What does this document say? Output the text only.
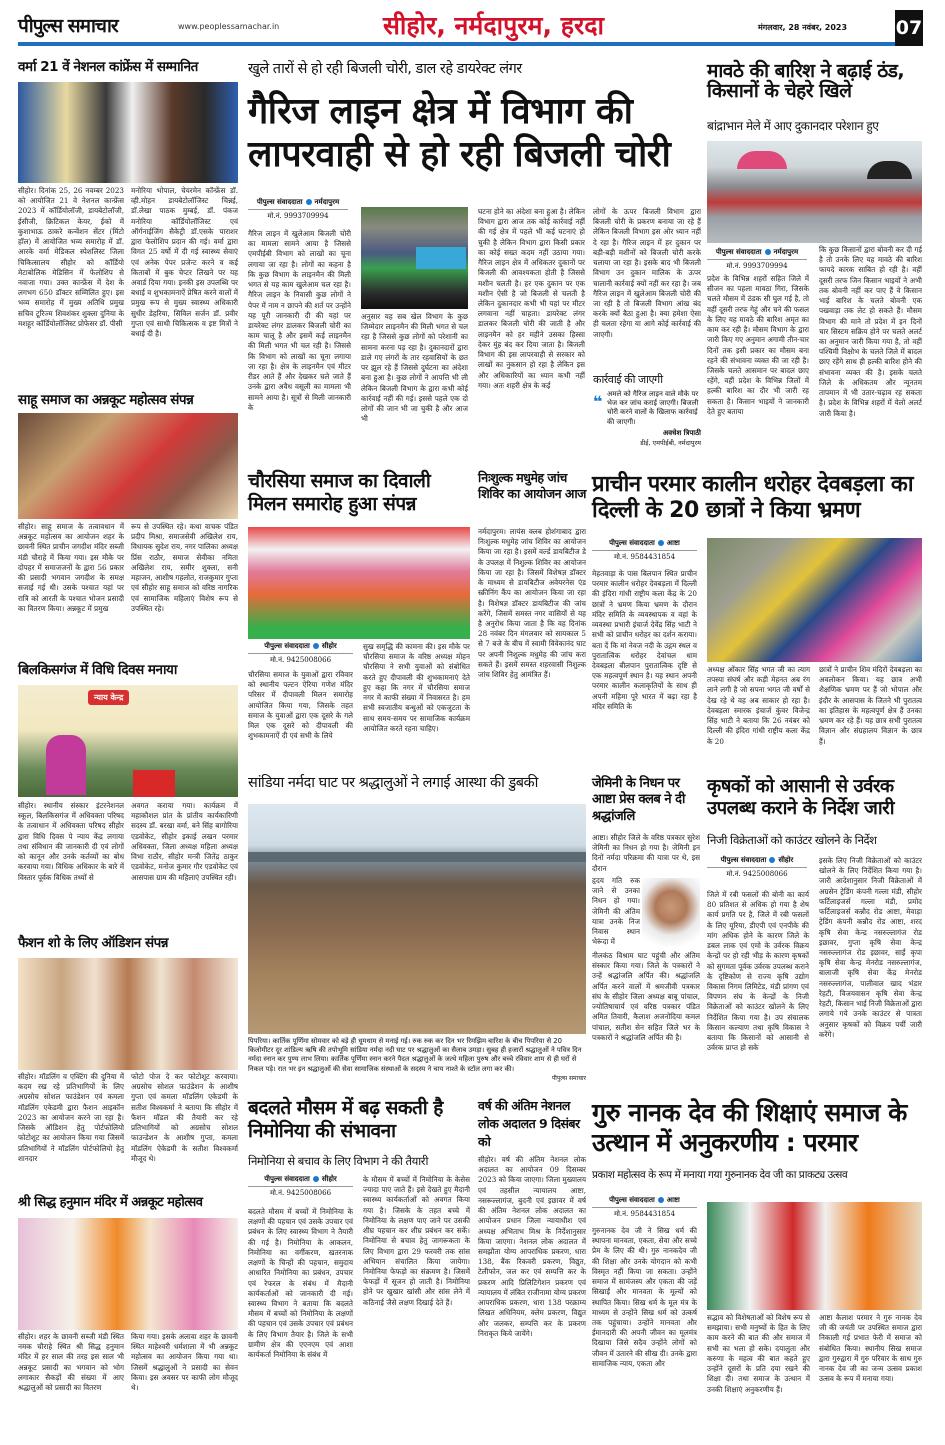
पीपुल्स समाचार	www.peoplessamachar.in	सीहोर, नर्मदापुरम, हरदा	मंगलवार, 28 नवंबर, 2023	07
वर्मा 21 वें नेशनल कांफ्रेंस में सम्मानित
सीहोर। दिनांक 25, 26 नवम्बर 2023 को आयोजित 21 वे नेशनल कान्फ्रेंस 2023 में कॉर्डियोलॉजी, डायबेटोलॉजी, ईसीजी, क्रिटिकल केयर, ईको में कुशाभाऊ ठाकरे कन्वेंशन सेंटर (मिंटो हॉल) में आयोजित भव्य समारोह में डॉ. आरके वर्मा मेडिकल स्पेशलिस्ट जिला चिकित्सालय सीहोर को कॉर्डियो मेटाबोलिक मेडिसिन में फेलोशिप से नवाजा गया। उक्त कान्फ्रेंस में देश के लगभग 650 डॉक्टर सम्मिलित हुए। इस भव्य समारोह में मुख्य अतिथि प्रमुख सचिव टूरिज्म शिवशंकर शुक्ला दुनिया के मशहूर कॉर्डियोलॉजिस्ट प्रोफेसर डॉ. पीसी
मनोरिया भोपाल, चेयरमेन कॉन्फ्रेंस डॉ. व्ही.मोहन डायबेटोलॉजिस्ट चिन्नई, डॉ.लेखा पाठक मुम्बई, डॉ. पंकज मनोरिया कॉर्डियोलॉजिस्ट एवं ऑर्गनाईजिंग सैकेट्री डॉ.एसके पाराशर द्वारा फेलोशिप प्रदान की गई। वर्मा द्वारा विगत 25 वर्षो में दी गई स्वास्थ्य सेवाएं एवं अनेक पेपर प्रजेन्ट करने व कई किताबों में बुक चेप्टर लिखने पर यह अवार्ड दिया गया। इनकी इस उपलब्धि पर बधाई व शुभकामनाऐं प्रेषित करने वालों में प्रमुख रूप से मुख्य स्वास्थ्य अधिकारी सुधीर डेहरिया, सिविल सर्जन डॉ. प्रवीर गुप्ता एवं साथी चिकित्सक व इष्ट मित्रों ने बधाई दी है।
साहू समाज का अन्नकूट महोत्सव संपन्न
सीहोर। साहू समाज के तत्वावधान में अन्नकूट महोत्सव का आयोजन शहर के छावनी स्थित प्राचीन जगदीश मंदिर सब्जी मंडी चौराहे में किया गया। इस मौके पर दोपहर में समाजजनों के द्वारा 56 प्रकार की प्रसादी भगवान जगदीश के समक्ष सजाई गई थी। उसके पश्चात यहां पर रात्रि को आरती के पश्चात भोजन प्रसादी का वितरण किया। अन्नकूट में प्रमुख
रूप से उपस्थित रहे। कथा वाचक पंडित प्रदीप मिश्रा, समाजसेवी अखिलेश राय, विधायक सुदेश राय, नगर पालिका अध्यक्ष प्रिंस राठौर, समाज सेवीका नमिता अखिलेश राय, समीर शुक्ला, सनी महाजन, आशीष गहलोत, राजकुमार गुप्ता एवं सीहोर साहू समाज को वरिष्ठ नागरिक एवं सामाजिक महिलाएं विशेष रूप से उपस्थित रहे।
बिलकिसगंज में विधि दिवस मनाया
न्याय केन्द्र
सीहोर। स्थानीय संस्कार इंटरनेशनल स्कूल, बिलकिसगंज में अधिवक्ता परिषद के तत्वाधान में अधिवक्ता परिषद सीहोर द्वारा विधि दिवस पे न्याय केंद्र लगाया तथा संविधान की जानकारी दी एवं लोगों को कानून और उनके कर्तव्यों का बोध करवाया गया। विधिक अधिकार के बारे में विस्तार पूर्वक विधिक तथ्यों से
अवगत कराया गया। कार्यक्रम में महाकौशल प्रांत के प्रांतीय कार्यकारिणी सदस्य डॉ. बरखा वर्मा, बने सिंह बागोरिया एडवोकेट, सीहोर इकाई लखन परमार अधिवक्ता, जिला अध्यक्ष महिला अध्यक्ष विभा राठौर, सीहोर मन्त्री जितेंद्र ठाकुर एडवोकेट, मनोज कुमार गौर एडवोकेट एवं आसपास ग्राम की महिलाएं उपस्थित रही।
फैशन शो के लिए ऑडिशन संपन्न
सीहोर। मॉडलिंग व एक्टिंग की दुनिया में कदम रख रहे प्रतिभागियों के लिए अग्रसोच सोशल फाउंडेशन एवं कमला मॉडलिंग एकेडमी द्वारा फैशन आइकॉन 2023 का आयोजन करने जा रहा है। जिसके ऑडिशन हेतु पोर्टफोलियो फोटोशूट का आयोजन किया गया जिसमें प्रतिभागियों ने मॉडलिंग पोर्टफोलियो हेतु शानदार
फोटो पोज दे कर फोटोशूट करवाया। अग्रसोच सोशल फाउंडेशन के आशीष गुप्ता एवं कमला मॉडलिंग एकेडमी के सतीश विश्वकर्मा ने बताया कि सीहोर में फैशन मॉडल की तैयारी कर रहे प्रतिभागियों को अग्रसोच सोशल फाउन्डेशन के आशीष गुप्ता, कमला मॉडलिंग ऐकेडमी के सतीश विश्वकर्मा मौजूद थे।
श्री सिद्ध हनुमान मंदिर में अन्नकूट महोत्सव
सीहोर। शहर के छावनी सब्जी मंडी स्थित नमक चौराहे स्थित श्री सिद्ध हनुमान मंदिर में हर साल की तरह इस साल भी अन्नकूट प्रसादी का भगवान को भोग लगाकार सैकड़ों की संख्या में आए श्रद्धालुओं को प्रसादी का वितरण
किया गया। इसके अलावा शहर के छावनी स्थित माहेश्वरी धर्मशाला में भी अन्नकूट महोत्सव का आयोजन किया गया था। जिसमें श्रद्धालुओं ने प्रसादी का सेवन किया। इस अवसर पर काफी लोग मौजूद थे।
खुले तारों से हो रही बिजली चोरी, डाल रहे डायरेक्ट लंगर
गैरिज लाइन क्षेत्र में विभाग की लापरवाही से हो रही बिजली चोरी
पीपुल्स संवाददाता नर्मदापुरम
मो.नं. 9993709994
गैरिज लाइन में खुलेआम बिजली चोरी का मामला सामने आया है जिससे एमपीईबी विभाग को लाखों का चूना लगाया जा रहा है। लोगों का कहना है कि कुछ विभाग के लाइनमैन की मिली भगत से यह काम खुलेआम चल रहा है। गैरिज लाइन के निवासी कुछ लोगों ने पेपर में नाम न छापने की शर्त पर उन्होंने यह पूरी जानकारी दी की यहां पर डायरेक्ट लंगर डालकर बिजली चोरी का काम चालू है और इसमें कई लाइनमैन की मिली भगत भी चल रही है। जिससे कि विभाग को लाखों का चूना लगाया जा रहा है। क्षेत्र के लाइनमैन एवं मीटर रीडर आते हैं और देखकर चले जाते हैं उनके द्वारा अवैध वसूली का मामला भी सामने आया है। सूत्रों से मिली जानकारी के
अनुसार यह सब खेल विभाग के कुछ जिम्मेदार लाइनमैन की मिली भगत से चल रहा है जिससे कुछ लोगों को परेशानी का सामना करना पड़ रहा है। दुकानदारों द्वारा डाले गए लंगरों के तार रहवासियों के छत पर झूल रहे हैं जिससे दुर्घटना का अंदेशा बना हुआ है। कुछ लोगों ने आपत्ति भी ली लेकिन बिजली विभाग के द्वारा कभी कोई कार्रवाई नहीं की गई। इससे पहले एक दो लोगों की जान भी जा चुकी है और आज भी
घटना होने का अंदेशा बना हुआ है। लेकिन विभाग द्वारा आज तक कोई कार्रवाई नहीं की गई क्षेत्र में पहले भी कई घटनाएं हो चुकी है लेकिन विभाग द्वारा किसी प्रकार का कोई सख्त कदम नहीं उठाया गया। गैरिज लाइन क्षेत्र में अधिकतर दुकानों पर बिजली की आवश्यकता होती है जिससे मशीन चलती है। हर एक दुकान पर एक मशीन ऐसी है जो बिजली से चलती है लेकिन दुकानदार कभी भी यहां पर मीटर लगवाना नहीं चाहता। डायरेक्ट लंगर डालकर बिजली चोरी की जाती है और लाइनमैन को हर महीने उसका हिस्सा देकर मुंह बंद कर दिया जाता है। बिजली विभाग की इस लापरवाही से सरकार को लाखों का नुकसान हो रहा है लेकिन इस और अधिकारियों का ध्यान कभी नहीं गया। अतः शहरी क्षेत्र के कई
लोगों के ऊपर बिजली विभाग द्वारा बिजली चोरी के प्रकरण बनाया जा रहे हैं लेकिन बिजली विभाग इस ओर ध्यान नहीं दे रहा है। गैरिज लाइन में हर दुकान पर बड़ी-बड़ी मशीनों को बिजली चोरी करके चलाया जा रहा है। इसके बाद भी बिजली विभाग उन दुकान मालिक के ऊपर चालानी कार्रवाई क्यों नहीं कर रहा है। जब गैरिज लाइन में खुलेआम बिजली चोरी की जा रही है तो बिजली विभाग आंख बंद करके क्यों बैठा हुआ है। क्या हमेशा ऐसा ही चलता रहेगा या आगे कोई कार्रवाई की जाएगी।
कार्रवाई की जाएगी
❝ अमले को गैरिज लाइन वाले मौके पर भेज कर जांच कराई जाएगी। बिजली चोरी करने वालों के खिलाफ कार्रवाई की जाएगी।
अवधेश त्रिपाठी
डीई, एमपीईबी, नर्मदापुरम
मावठे की बारिश ने बढ़ाई ठंड, किसानों के चेहरे खिले
बांद्राभान मेले में आए दुकानदार परेशान हुए
पीपुल्स संवाददाता नर्मदापुरम
मो.नं. 9993709994
प्रदेश के विभिन्न शहरों सहित जिले में सीजन का पहला मावठा गिरा, जिसके चलते मौसम में ठंडक सी घुल गई है, तो वहीं दूसरी तरफ गेहूं और चने की फसल के लिए यह मावठे की बारिश अमृत का काम कर रही है। मौसम विभाग के द्वारा जारी किए गए अनुमान अगामी तीन-चार दिनों तक इसी प्रकार का मौसम बना रहने की संभावना व्यक्त की जा रही है। जिसके चलते आसमान पर बादल छाए रहेंगे, वहीं प्रदेश के विभिन्न जिलों में हल्की बारिश का दौर भी जारी रह सकता है। किसान भाइयों ने जानकारी देते हुए बताया
कि कुछ किसानों द्वारा बोवनी कर दी गई है तो उनके लिए यह मावठे की बारिश फायदे कारक साबित हो रही है। वहीं दूसरी तरफ जिन किसान भाइयों ने अभी तक बोवनी नहीं कर पाए हैं वे किसान भाई बारिश के चलते बोवनी एक पखवाड़ा तक लेट हो सकते हैं। मौसम विभाग की माने तो प्रदेश में इन दिनों चार सिस्टम सक्रिय होने पर चलते अलर्ट का अनुमान जारी किया गया है, तो वहीं पश्चिमी विक्षोभ के चलते जिले में बादल छाए रहेंगे साथ ही हल्की बारिश होने की संभावना व्यक्त की है। इसके चलते जिले के अधिकतम और न्यूनतम तापमान में भी उतार-चढ़ाव रह सकता है। प्रदेश के विभिन्न शहरों में येलो अलर्ट जारी किया है।
चौरसिया समाज का दिवाली मिलन समारोह हुआ संपन्न
पीपुल्स संवाददाता सीहोर
मो.नं. 9425008066
चौरसिया समाज के युवाओं द्वारा रविवार को स्थानीय पल्टन ऐरिया गणेश मंदिर परिसर में दीपावली मिलन समारोह आयोजित किया गया, जिसके तहत समाज के युवाओं द्वारा एक दूसरे के गले मिल एक दूसरे को दीपावली की शुभकामनाऐं दी एवं सभी के लिये
सुख समृद्धि की कामना की। इस मौके पर चौरसिया समाज के वरिष्ठ अध्यक्ष मोहन चौरसिया ने सभी युवाओं को संबोधित करते हुए दीपावली की शुभकामनाएं देते हुए कहा कि नगर में चौरसिया समाज नगर में काफी संख्या में निवासरत है। हम सभी स्वजातीय बन्धुओं को एकजुटता के साथ समय-समय पर सामाजिक कार्यक्रम आयोजित करते रहना चाहिए।
निःशुल्क मधुमेह जांच शिविर का आयोजन आज
नर्मदापुरम। लायंस क्लब होशंगाबाद द्वारा निःशुल्क मधुमेह जांच शिविर का आयोजन किया जा रहा है। इसमें वर्ल्ड डायबिटीज डे के उपलक्ष में निशुल्क शिविर का आयोजन किया जा रहा है। जिसमें विशेषज्ञ डॉक्टर के माध्यम से डायबिटीज अवेयरनेस एंड स्क्रीनिंग कैंप का आयोजन किया जा रहा है। विशेषज्ञ डॉक्टर डायबिटीज की जांच करेंगे, जिसमें समस्त नगर वासियों से यह है अनुरोध किया जाता है कि वह दिनांक 28 नवंबर दिन मंगलवार को सायकाल 5 से 7 बजे के बीच में स्वामी विवेकानंद घाट पर अपनी निशुल्क मधुमेह की जांच करा सकते हैं। इसमें समस्त शहरवासी निशुल्क जांच शिविर हेतु आमंत्रित हैं।
प्राचीन परमार कालीन धरोहर देवबड़ला का दिल्ली के 20 छात्रों ने किया भ्रमण
पीपुल्स संवाददाता आष्टा
मो.नं. 9584431854
मेहतवाड़ा के पास बिलपान स्थित प्राचीन परमार कालीन धरोहर देवबड़ला में दिल्ली की इंदिरा गांधी राष्ट्रीय कला केंद्र के 20 छात्रों ने भ्रमण किया भ्रमण के दौरान मंदिर समिति के व्यवस्थापक व वहां के व्यवस्था प्रभारी इंचार्ज देवेंद्र सिंह भाटी ने सभी को प्राचीन धरोहर का दर्शन कराया। बता दें कि मां नेवज नदी के उद्गम स्थल व पुरातात्विक धरोहर देवांचल धाम देवबड़ला बीलपान पुरातात्विक दृष्टि से एक महत्वपूर्ण स्थान है। यह स्थान अपनी परमार कालीन कलाकृतियों के साथ ही अपनी महिमा पूरे भारत में बढ़ा रहा है मंदिर समिति के
अध्यक्ष ओंकार सिंह भगत जी का त्याग तपस्या संघर्ष और कड़ी मेहनत अब रंग लाने लगी है जो सपना भगत जी वर्षों से देख रहे थे वह अब साकार हो रहा है। देवबड़ला स्मारक इंचार्ज कुंवर विजेन्द्र सिंह भाटी ने बताया कि 26 नवंबर को दिल्ली की इंदिरा गांधी राष्ट्रीय कला केंद्र के 20
छात्रों ने प्राचीन शिव मंदिरों देवबड़ला का अवलोकन किया। यह छात्र अभी शैक्षणिक भ्रमण पर हैं जो भोपाल और इंदौर के आसपास के जितने भी पुरातत्व का इतिहास के महत्वपूर्ण क्षेत्र हैं उनका भ्रमण कर रहे हैं। यह छात्र सभी पुरातत्व विज्ञान और संग्रहालय विज्ञान के छात्र हैं।
सांडिया नर्मदा घाट पर श्रद्धालुओं ने लगाई आस्था की डुबकी
पिपरिया। कार्तिक पूर्णिमा सोमवार को बड़े ही धूमधाम से मनाई गई। रुक रुक कर दिन भर रिमझिम बारिश के बीच पिपरिया से 20 किलोमीटर दूर शांडिल्य ऋषि की तपोभूमि सांडिया नर्मदा नदी घाट पर श्रद्धालुओं का सैलाब उमड़ा। सुबह ही हजारों श्रद्धालुओं ने पवित्र दिन नर्मदा स्नान कर पुण्य लाभ लिया। कार्तिक पूर्णिमा स्नान करने पैदल श्रद्धालुओं के जत्थे महिला पुरुष और बच्चे रविवार शाम से ही घरों से निकल पड़े। रात भर इन श्रद्धालुओं की सेवा सामाजिक संस्थाओं के सदस्य ने चाय नाश्ते के स्टॉल लगा कर की।
पीपुल्स समाचार
जेमिनी के निधन पर आष्टा प्रेस क्लब ने दी श्रद्धांजलि
आष्टा। सीहोर जिले के वरिष्ठ पत्रकार सुरेश जेमिनी का निधन हो गया है। जेमिनी इन दिनों नर्मदा परिक्रमा की यात्रा पर थे, इस दौरान
हृदय गति रुक जाने से उनका निधन हो गया। जेमिनी की अंतिम यात्रा उनके निज निवास स्थान भेरूंदा में
नीलकंठ विश्राम घाट पहुंची और अंतिम संस्कार किया गया। जिले के पत्रकारों ने उन्हें श्रद्धांजलि अर्पित की। श्रद्धांजलि अर्पित करने वालों में श्रमजीवी पत्रकार संघ के सीहोर जिला अध्यक्ष बाबू पांचाल, ज्योतिषाचार्य एवं वरिष्ठ पत्रकार पंडित अमित तिवारी, कैलाश अजनोदिया कमल पांचाल, सतीश सेन सहित जिले भर के पत्रकारों ने श्रद्धांजलि अर्पित की है।
कृषकों को आसानी से उर्वरक उपलब्ध कराने के निर्देश जारी
निजी विक्रेताओं को काउंटर खोलने के निर्देश
पीपुल्स संवाददाता सीहोर
मो.नं. 9425008066
जिले में रबी फसलों की बोनी का कार्य 80 प्रतिशत से अधिक हो गया है शेष कार्य प्रगति पर है, जिले में रबी फसलों के लिए यूरिया, डीएपी एवं एनपीके की मांग अधिक होने के कारण जिले के डबल लाक एवं एमो के उर्वरक विक्रय केन्द्रों पर हो रही भीड़ के कारण कृषकों को सुगमता पूर्वक उर्वरक उपलब्ध कराने के दृष्टिकोण से राज्य कृषि उद्योग विकास निगम लिमिटेड, मंडी प्रांगण एवं विपणन संघ के केन्द्रों के निजी विक्रेताओं को काउंटर खोलने के लिए निर्देशित किया गया है। उप संचालक किसान कल्याण तथा कृषि विकास ने बताया कि किसानों को आसानी से उर्वरक प्राप्त हो सके
इसके लिए निजी विक्रेताओं को काउंटर खोलने के लिए निर्देशित किया गया है। जारी आदेशानुसार निजी विक्रेताओं में अग्रसेन ट्रेडिंग कंपनी गल्ला मंडी, सीहोर फर्टिलाइजर्स गल्ला मंडी, प्रमोद फर्टिलाइजर्स कन्नौद रोड आष्टा, मेवाड़ा ट्रेडिंग कंपनी कन्नौद रोड आष्टा, शरद कृषि सेवा केन्द्र नसरुल्लागंज रोड इछावर, गुप्ता कृषि सेवा केन्द्र नसरुल्लागंज रोड इछावर, साईं कृपा कृषि सेवा केन्द्र मेनरोड नसरुल्लागंज, बालाजी कृषि सेवा केंद्र मेनरोड नसरुल्लागंज, पालीवाल खाद भंडार रेहटी, विजयवासन कृषि सेवा केन्द्र रेहटी, किसान भाई निजी विक्रेताओं द्वारा लगाये गये उनके काउंटर से पात्रता अनुसार कृषकों को विक्रय पर्ची जारी करेंगे।
बदलते मौसम में बढ़ सकती है निमोनिया की संभावना
निमोनिया से बचाव के लिए विभाग ने की तैयारी
पीपुल्स संवाददाता सीहोर
मो.नं. 9425008066
बदलते मौसम में बच्चों में निमोनिया के लक्षणों की पहचान एवं उसके उपचार एवं प्रबंधन के लिए स्वास्थ्य विभाग ने तैयारी की गई है। निमोनिया के आकलन, निमोनिया का वर्गीकरण, खतरनाक लक्षणों के चिन्हों की पहचान, समुदाय आधारित निमोनिया का प्रबंधन, उपचार एवं रेफरल के संबंध में मैदानी कार्यकर्ताओं को जानकारी दी गई। स्वास्थ्य विभाग ने बताया कि बदलते मौसम में बच्चों को निमोनिया के लक्षणों की पहचान एवं उसके उपचार एवं प्रबंधन के लिए विभाग तैयार है। जिले के सभी ग्रामीण क्षेत्र की एएनएम एवं आशा कार्यकर्ता निमोनिया के संबंध में
के मौसम में बच्चों में निमोनिया के केसेस ज्यादा पाए जाते हैं। इसे देखते हुए मैदानी स्वास्थ्य कार्यकर्ताओं को अवगत किया गया है। जिसके के तहत बच्चे में निमोनिया के लक्षण पाए जाने पर उसकी शीघ्र पहचान कर शीघ्र प्रबंधन कर सकें। निमोनिया से बचाव हेतु जागरूकता के लिए विभाग द्वारा 29 फरवरी तक सांस अभियान संचालित किया जायेगा। निमोनिया फेफड़ो का संक्रमण है। जिसमें फेफड़ों में सूजन हो जाती है। निमोनिया होने पर खुखार खांसी और सांस लेने में कठिनाई जैसे लक्षण दिखाई देते हैं।
वर्ष की अंतिम नेशनल लोक अदालत 9 दिसंबर को
सीहोर। वर्ष की अंतिम नेशनल लोक अदालत का आयोजन 09 दिसम्बर 2023 को किया जाएगा। जिला मुख्यालय एवं तहसील न्यायालय आष्टा, नसरूल्लागंज, बुदनी एवं इछावर में वर्ष की अंतिम नेशनल लोक अदालत का आयोजन प्रधान जिला न्यायाधीश एवं अध्यक्ष अभिताभ मिश्र के निर्देशानुसार किया जाएगा। नेशनल लोक अदालत में समझौता योग्य आपराधिक प्रकरण, धारा 138, बैंक रिकवरी प्रकरण, विद्युत, टेलीफोन, जल कर एवं सम्पत्ति कर के प्रकरण आदि प्रिलिटिगेशन प्रकरण एवं न्यायालय में लंबित राजीनामा योग्य प्रकरण आपराधिक प्रकरण, धारा 138 परक्राम्य लिखत अधिनियम, क्लेम प्रकरण, विद्युत और जलकर, सम्पत्ति कर के प्रकरण निराकृत किये जायेंगे।
गुरु नानक देव की शिक्षाएं समाज के उत्थान में अनुकरणीय : परमार
प्रकाश महोत्सव के रूप में मनाया गया गुरुनानक देव जी का प्राकट्य उत्सव
पीपुल्स संवाददाता आष्टा
मो.नं. 9584431854
गुरुनानक देव जी ने सिख धर्म की स्थापना मानवता, एकता, सेवा और सच्चे प्रेम के लिए की थी। गुरु नानकदेव जी की शिक्षा और उनके योगदान को कभी विस्मृत नहीं किया जा सकता। उन्होंने समाज में सामंजस्य और एकता की जड़ें सिखाईं और मानवता के मूल्यों को स्थापित किया। सिख धर्म के मूल मंत्र के माध्यम से उन्होंने सिख धर्म को उत्कर्ष तक पहुंचाया। उन्होंने मानवता और ईमानदारी की अपनी जीवन का मूलमंत्र दिखाया जिसे सदैव उन्होंने लोगों को जीवन में उतारने की सीख दी। उनके द्वारा सामाजिक न्याय, एकता और
सद्भाव को विशेषताओं को विशेष रूप से समझाया। सभी मनुष्यों के हित के लिए काम करने की बात की और समाज में सभी का भला हो सके। दयालुता और करुणा के महत्व की बात कहते हुए उन्होंने दूसरों के प्रति दया रखने की शिक्षा दी। तथा समाज के उत्थान में उनकी शिक्षाएं अनुकरणीय हैं।
आष्टा कैलाश परमार ने गुरु नानक देव जी की जयंती पर उपस्थित समाज द्वारा निकाली गई प्रभात फेरी में समाज को संबोधित किया। स्थानीय सिख समाज द्वारा गुरुद्वारा में गुरु परिवार के साथ गुरु नानक देव जी का जन्म उत्सव प्रकाश उत्सव के रूप में मनाया गया।
